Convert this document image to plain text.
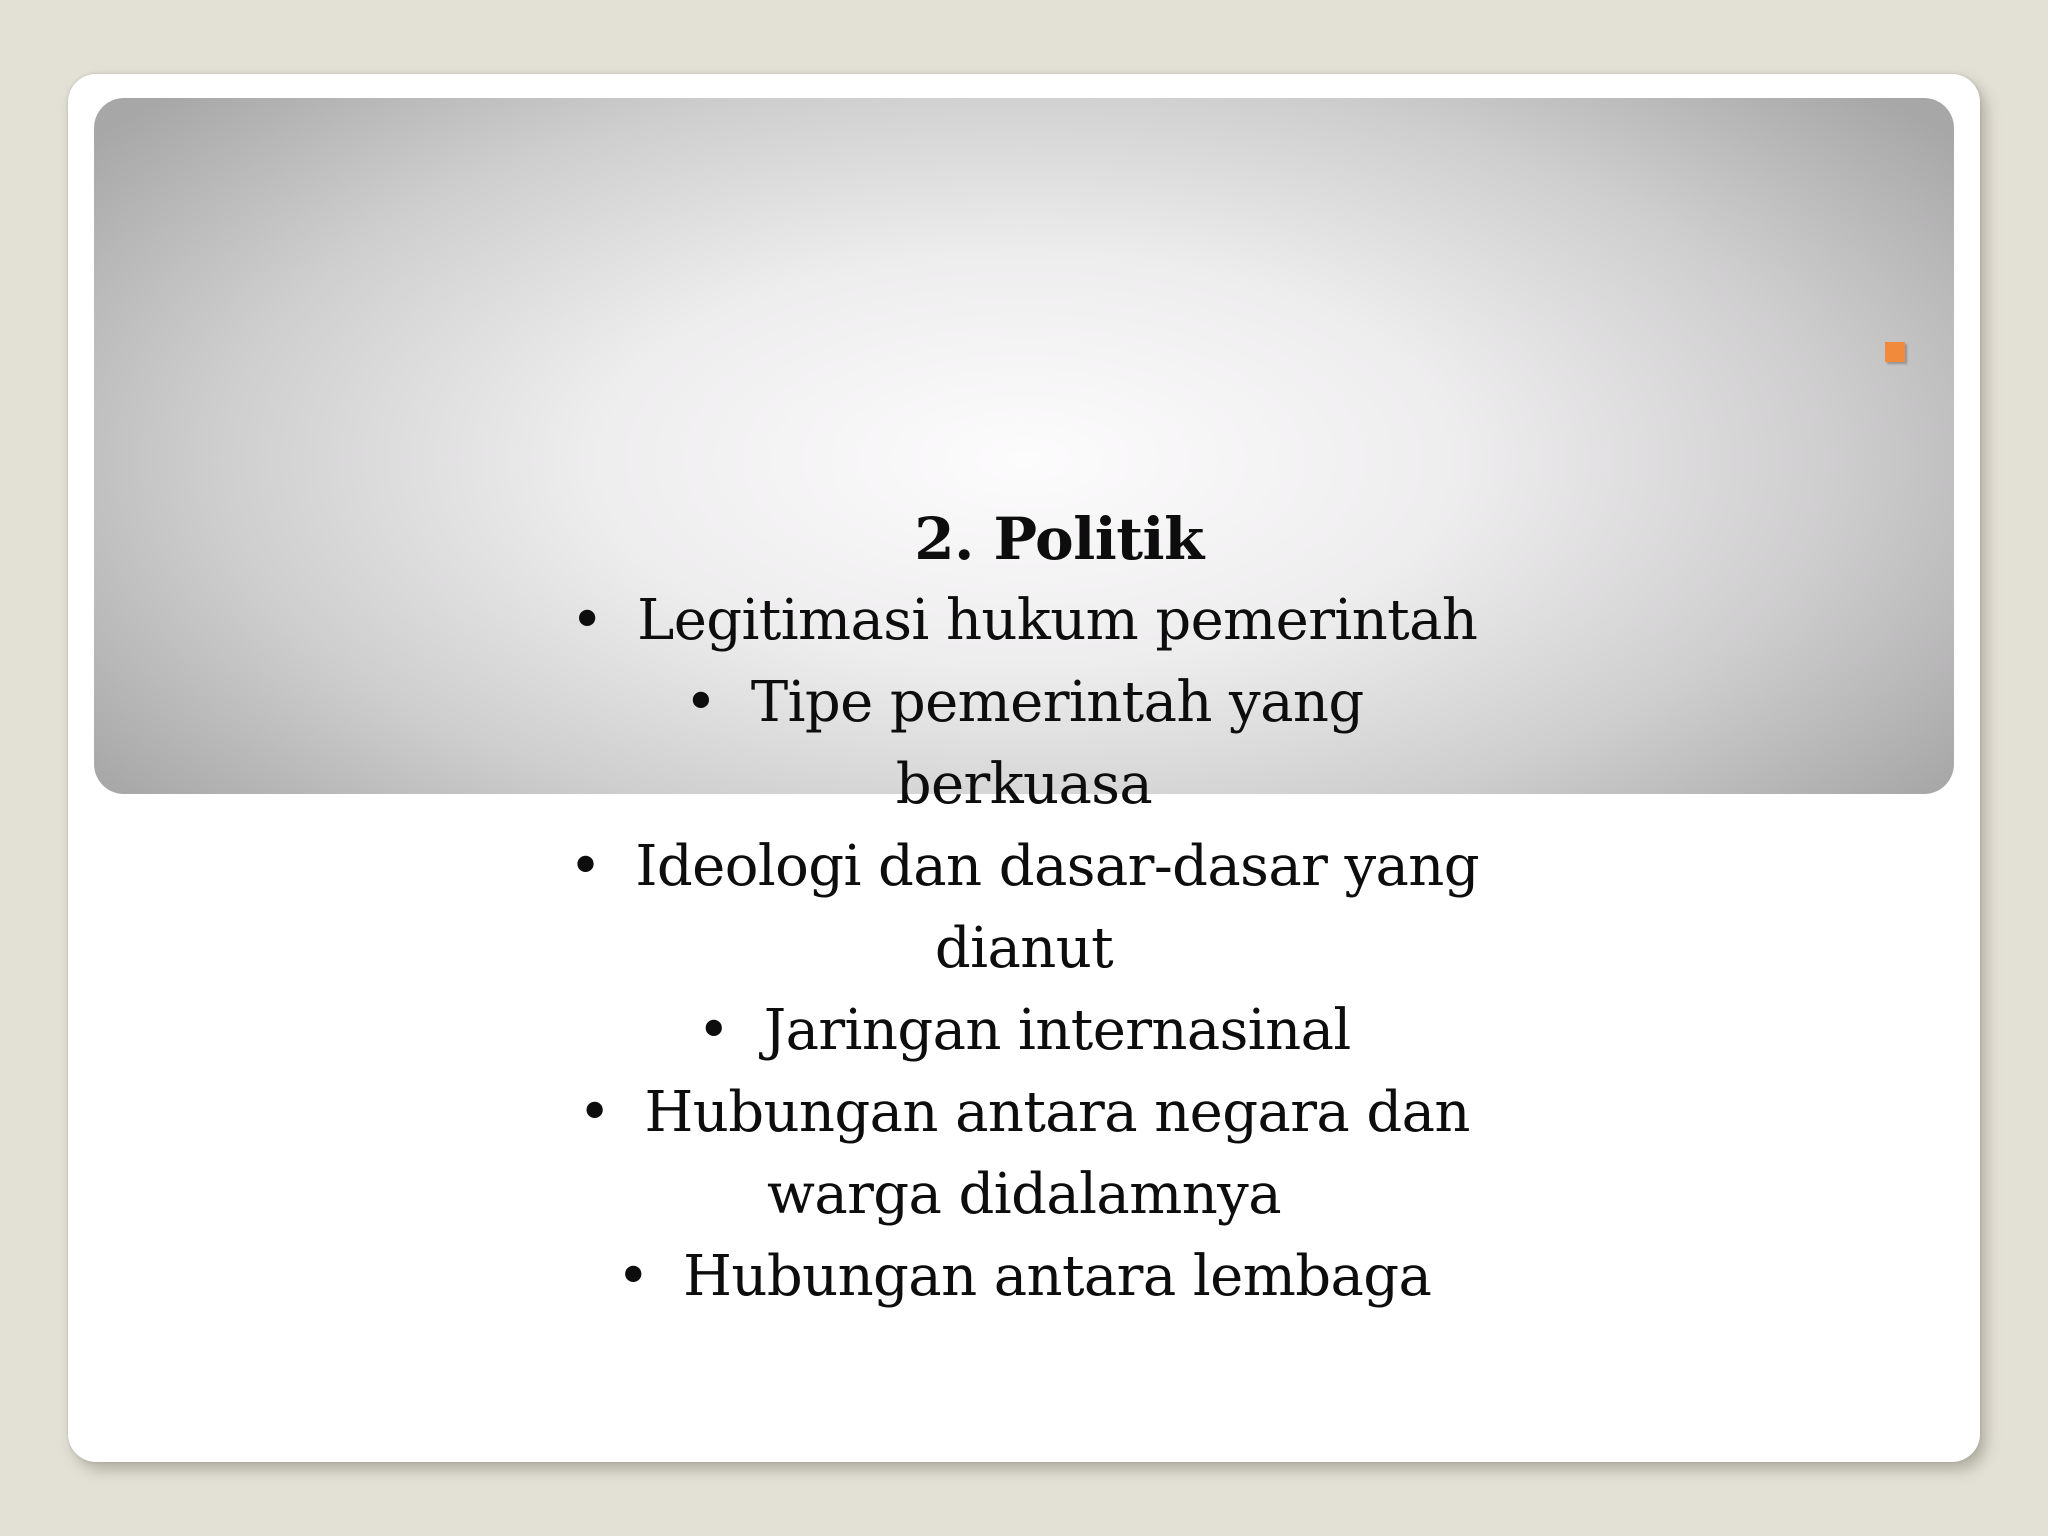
2. Politik
• Legitimasi hukum pemerintah
• Tipe pemerintah yang berkuasa
• Ideologi dan dasar-dasar yang dianut
• Jaringan internasinal
• Hubungan antara negara dan warga didalamnya
• Hubungan antara lembaga
